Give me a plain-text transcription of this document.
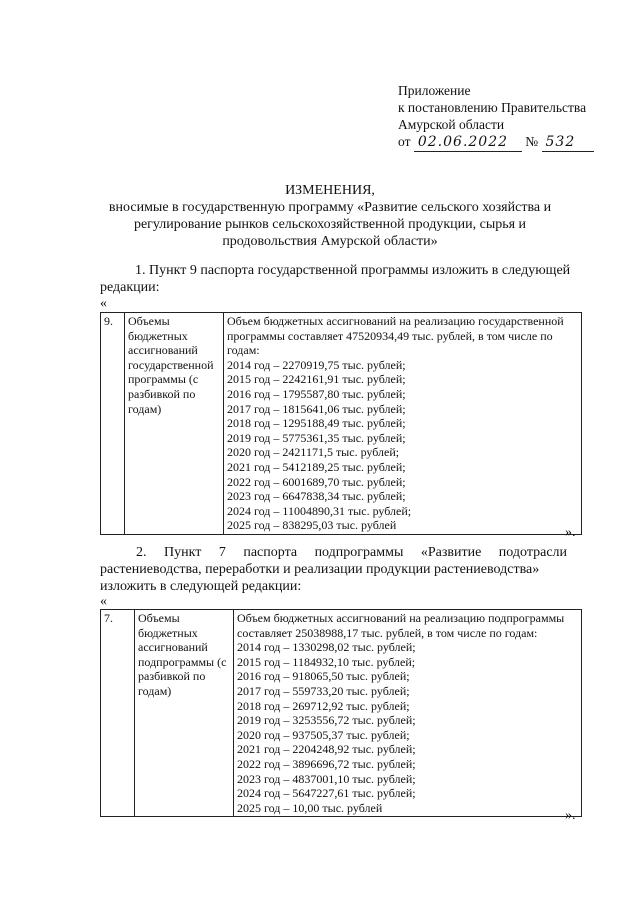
Приложение
к постановлению Правительства
Амурской области
от 02.06.2022 № 532
ИЗМЕНЕНИЯ,
вносимые в государственную программу «Развитие сельского хозяйства и
регулирование рынков сельскохозяйственной продукции, сырья и
продовольствия Амурской области»
1. Пункт 9 паспорта государственной программы изложить в следующей
редакции:
«
9.	Объемы бюджетных ассигнований государственной программы (с разбивкой по годам)	
Объем бюджетных ассигнований на реализацию государственной
программы составляет 47520934,49 тыс. рублей, в том числе по
годам:
2014 год – 2270919,75 тыс. рублей;
2015 год – 2242161,91 тыс. рублей;
2016 год – 1795587,80 тыс. рублей;
2017 год – 1815641,06 тыс. рублей;
2018 год – 1295188,49 тыс. рублей;
2019 год – 5775361,35 тыс. рублей;
2020 год – 2421171,5 тыс. рублей;
2021 год – 5412189,25 тыс. рублей;
2022 год – 6001689,70 тыс. рублей;
2023 год – 6647838,34 тыс. рублей;
2024 год – 11004890,31 тыс. рублей;
2025 год – 838295,03 тыс. рублей	».
2. Пункт 7 паспорта подпрограммы «Развитие подотрасли
растениеводства, переработки и реализации продукции растениеводства»
изложить в следующей редакции:
«
7.	Объемы бюджетных ассигнований подпрограммы (с разбивкой по годам)	
Объем бюджетных ассигнований на реализацию подпрограммы
составляет 25038988,17 тыс. рублей, в том числе по годам:
2014 год – 1330298,02 тыс. рублей;
2015 год – 1184932,10 тыс. рублей;
2016 год – 918065,50 тыс. рублей;
2017 год – 559733,20 тыс. рублей;
2018 год – 269712,92 тыс. рублей;
2019 год – 3253556,72 тыс. рублей;
2020 год – 937505,37 тыс. рублей;
2021 год – 2204248,92 тыс. рублей;
2022 год – 3896696,72 тыс. рублей;
2023 год – 4837001,10 тыс. рублей;
2024 год – 5647227,61 тыс. рублей;
2025 год – 10,00 тыс. рублей
».
